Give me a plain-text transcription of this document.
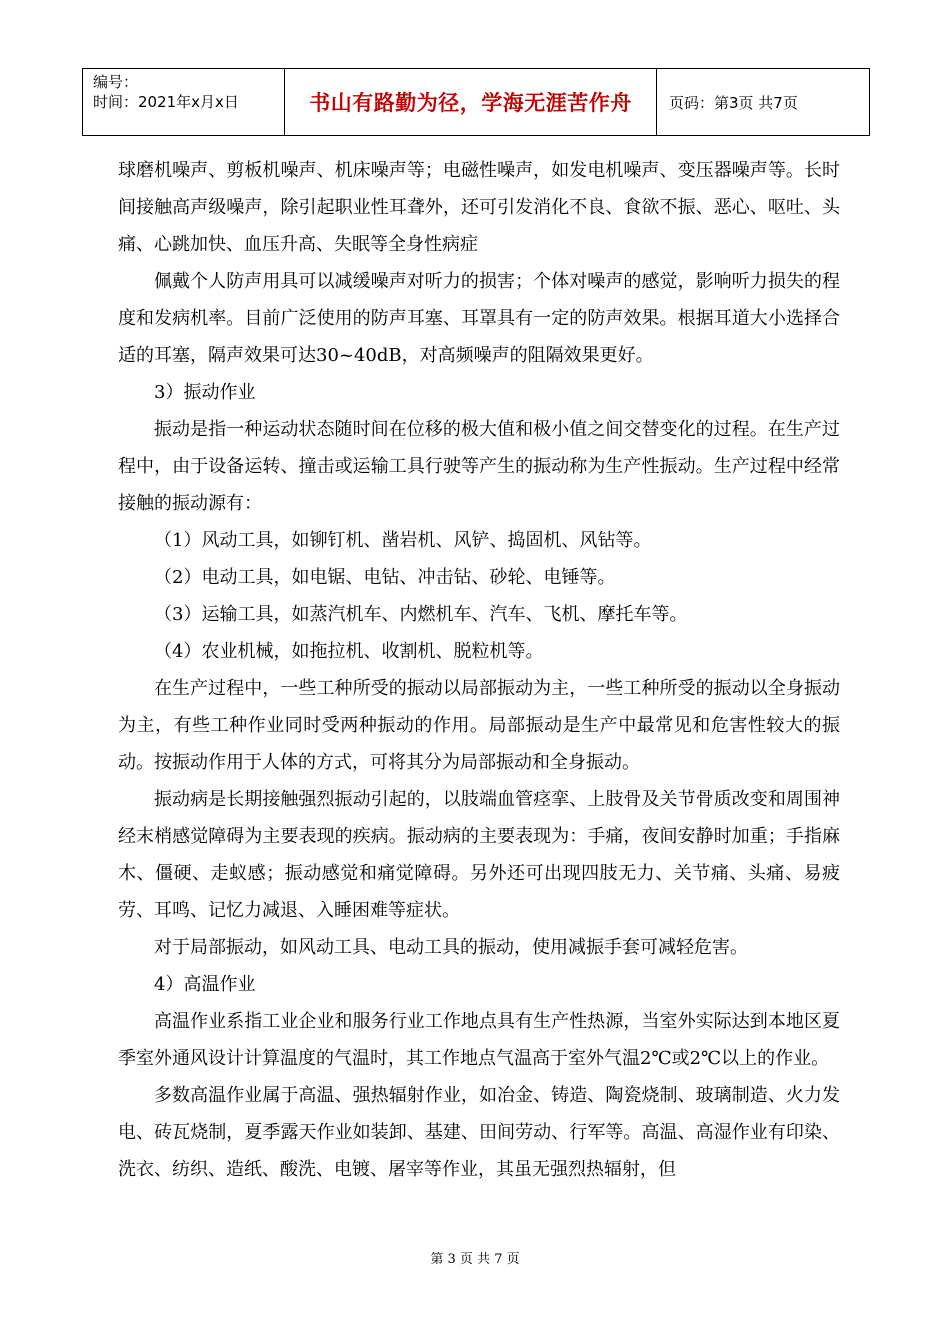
编号：
时间：2021年x月x日	书山有路勤为径，学海无涯苦作舟 页码：第3页 共7页

球磨机噪声、剪板机噪声、机床噪声等；电磁性噪声，如发电机噪声、变压器噪声等。长时间接触高声级噪声，除引起职业性耳聋外，还可引发消化不良、食欲不振、恶心、呕吐、头痛、心跳加快、血压升高、失眠等全身性病症

佩戴个人防声用具可以减缓噪声对听力的损害；个体对噪声的感觉，影响听力损失的程度和发病机率。目前广泛使用的防声耳塞、耳罩具有一定的防声效果。根据耳道大小选择合适的耳塞，隔声效果可达30~40dB，对高频噪声的阻隔效果更好。

3）振动作业

振动是指一种运动状态随时间在位移的极大值和极小值之间交替变化的过程。在生产过程中，由于设备运转、撞击或运输工具行驶等产生的振动称为生产性振动。生产过程中经常接触的振动源有：

（1）风动工具，如铆钉机、凿岩机、风铲、捣固机、风钻等。

（2）电动工具，如电锯、电钻、冲击钻、砂轮、电锤等。

（3）运输工具，如蒸汽机车、内燃机车、汽车、飞机、摩托车等。

（4）农业机械，如拖拉机、收割机、脱粒机等。

在生产过程中，一些工种所受的振动以局部振动为主，一些工种所受的振动以全身振动为主，有些工种作业同时受两种振动的作用。局部振动是生产中最常见和危害性较大的振动。按振动作用于人体的方式，可将其分为局部振动和全身振动。

振动病是长期接触强烈振动引起的，以肢端血管痉挛、上肢骨及关节骨质改变和周围神经末梢感觉障碍为主要表现的疾病。振动病的主要表现为：手痛，夜间安静时加重；手指麻木、僵硬、走蚁感；振动感觉和痛觉障碍。另外还可出现四肢无力、关节痛、头痛、易疲劳、耳鸣、记忆力减退、入睡困难等症状。

对于局部振动，如风动工具、电动工具的振动，使用减振手套可减轻危害。

4）高温作业

高温作业系指工业企业和服务行业工作地点具有生产性热源，当室外实际达到本地区夏季室外通风设计计算温度的气温时，其工作地点气温高于室外气温2℃或2℃以上的作业。

多数高温作业属于高温、强热辐射作业，如冶金、铸造、陶瓷烧制、玻璃制造、火力发电、砖瓦烧制，夏季露天作业如装卸、基建、田间劳动、行军等。高温、高湿作业有印染、洗衣、纺织、造纸、酸洗、电镀、屠宰等作业，其虽无强烈热辐射，但

第 3 页 共 7 页
